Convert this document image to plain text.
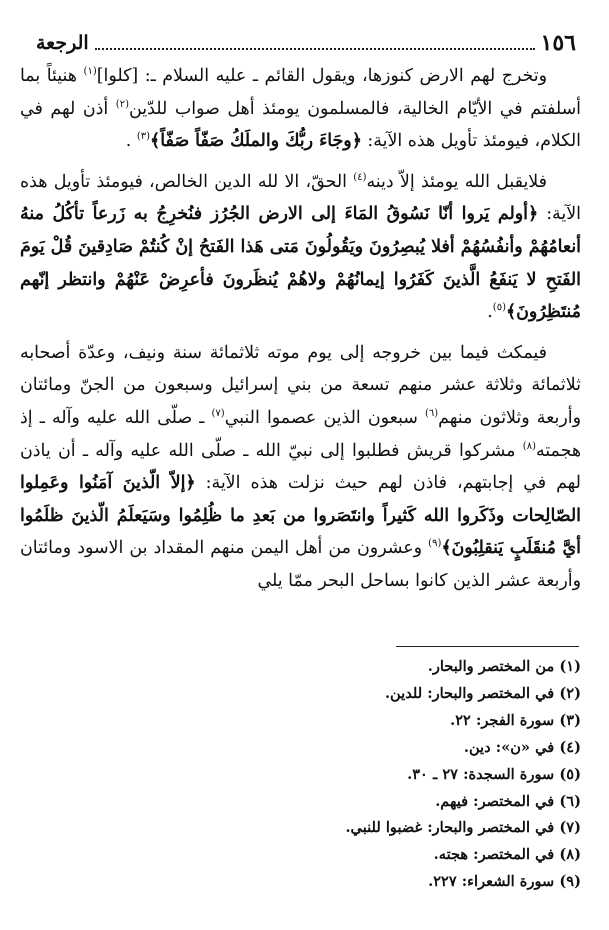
١٥٦
الرجعة

وتخرج لهم الارض كنوزها، ويقول القائم ـ عليه السلام ـ: [كلوا]$^{(١)}$ هنيئاً بما أسلفتم في الأيّام الخالية، فالمسلمون يومئذ أهل صواب للدّين$^{(٢)}$ أذن لهم في الكلام، فيومئذ تأويل هذه الآية: ﴿وجَاءَ ربُّكَ والملَكُ صَفّاً صَفّاً﴾$^{(٣)}$ .

فلايقبل الله يومئذ إلاّ دينه$^{(٤)}$ الحقّ، الا لله الدين الخالص، فيومئذ تأويل هذه الآية: ﴿أولم يَروا أنّا نَسُوقُ المَاءَ إلى الارض الجُرُز فنُخرِجُ به زَرعاً تأكُلُ منهُ أنعامُهُمْ وأنفُسُهُمْ أفلا يُبصِرُونَ ويَقُولُونَ مَتى هَذا الفَتحُ إنْ كُنتُمْ صَادِقينَ قُلْ يَومَ الفَتحِ لا يَنفَعُ الَّذينَ كَفَرُوا إيمانُهُمْ ولاهُمْ يُنظَرونَ فأعرِضْ عَنْهُمْ وانتظر إنّهم مُنتَظِرُونَ﴾$^{(٥)}$.

فيمكث فيما بين خروجه إلى يوم موته ثلاثمائة سنة ونيف، وعدّة أصحابه ثلاثمائة وثلاثة عشر منهم تسعة من بني إسرائيل وسبعون من الجنّ ومائتان وأربعة وثلاثون منهم$^{(٦)}$ سبعون الذين عصموا النبي$^{(٧)}$ ـ صلّى الله عليه وآله ـ إذ هجمته$^{(٨)}$ مشركوا قريش فطلبوا إلى نبيّ الله ـ صلّى الله عليه وآله ـ أن ياذن لهم في إجابتهم، فاذن لهم حيث نزلت هذه الآية: ﴿إلاّ الّذينَ آمَنُوا وعَمِلوا الصّالِحات وذَكَروا الله كَثيراً وانتَصَروا من بَعدِ ما ظُلِمُوا وسَيَعلَمُ الّذينَ ظلَمُوا أيَّ مُنقَلَبٍ يَنقلِبُونَ﴾$^{(٩)}$ وعشرون من أهل اليمن منهم المقداد بن الاسود ومائتان وأربعة عشر الذين كانوا بساحل البحر ممّا يلي

(١) من المختصر والبحار.
(٢) في المختصر والبحار: للدين.
(٣) سورة الفجر: ٢٢.
(٤) في «ن»: دين.
(٥) سورة السجدة: ٢٧ ـ ٣٠.
(٦) في المختصر: فيهم.
(٧) في المختصر والبحار: غضبوا للنبي.
(٨) في المختصر: هجته.
(٩) سورة الشعراء: ٢٢٧.
